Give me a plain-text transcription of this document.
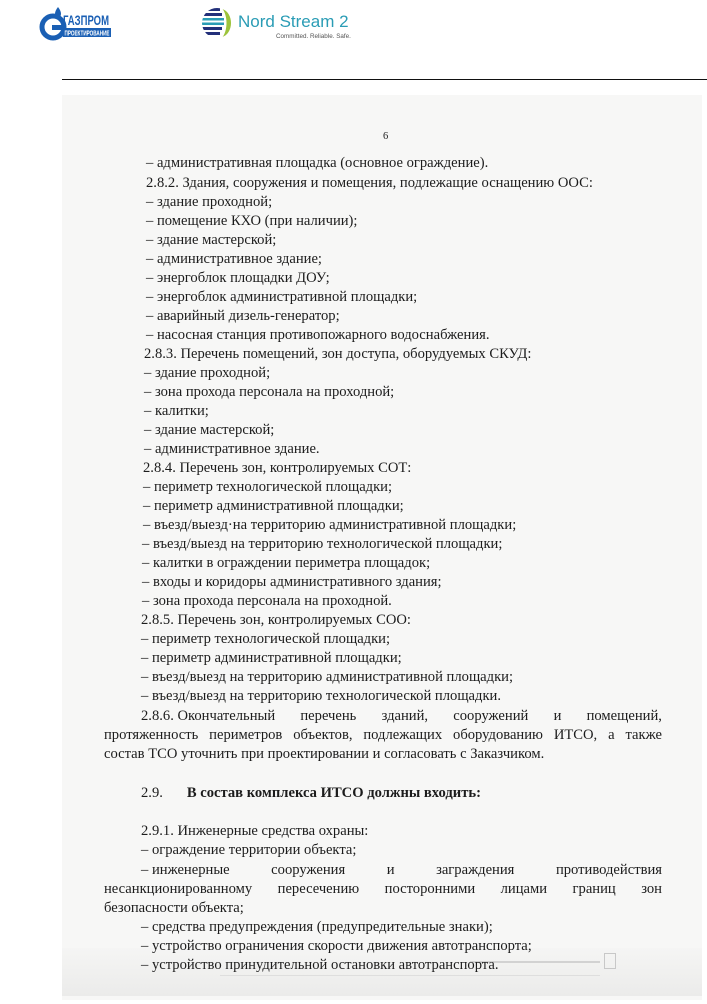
ГАЗПРОМ
ПРОЕКТИРОВАНИЕ
Nord Stream 2
Committed. Reliable. Safe.
6
– административная площадка (основное ограждение).
2.8.2. Здания, сооружения и помещения, подлежащие оснащению ООС:
– здание проходной;
– помещение КХО (при наличии);
– здание мастерской;
– административное здание;
– энергоблок площадки ДОУ;
– энергоблок административной площадки;
– аварийный дизель-генератор;
– насосная станция противопожарного водоснабжения.
2.8.3. Перечень помещений, зон доступа, оборудуемых СКУД:
– здание проходной;
– зона прохода персонала на проходной;
– калитки;
– здание мастерской;
– административное здание.
2.8.4. Перечень зон, контролируемых СОТ:
– периметр технологической площадки;
– периметр административной площадки;
– въезд/выезд·на территорию административной площадки;
– въезд/выезд на территорию технологической площадки;
– калитки в ограждении периметра площадок;
– входы и коридоры административного здания;
– зона прохода персонала на проходной.
2.8.5. Перечень зон, контролируемых СОО:
– периметр технологической площадки;
– периметр административной площадки;
– въезд/выезд на территорию административной площадки;
– въезд/выезд на территорию технологической площадки.
2.8.6. Окончательный перечень зданий, сооружений и помещений,
протяженность периметров объектов, подлежащих оборудованию ИТСО, а также
состав ТСО уточнить при проектировании и согласовать с Заказчиком.
2.9. В состав комплекса ИТСО должны входить:
2.9.1. Инженерные средства охраны:
– ограждение территории объекта;
– инженерные	сооружения	и	заграждения	противодействия
несанкционированному пересечению посторонними лицами границ зон
безопасности объекта;
– средства предупреждения (предупредительные знаки);
– устройство ограничения скорости движения автотранспорта;
– устройство принудительной остановки автотранспорта.
